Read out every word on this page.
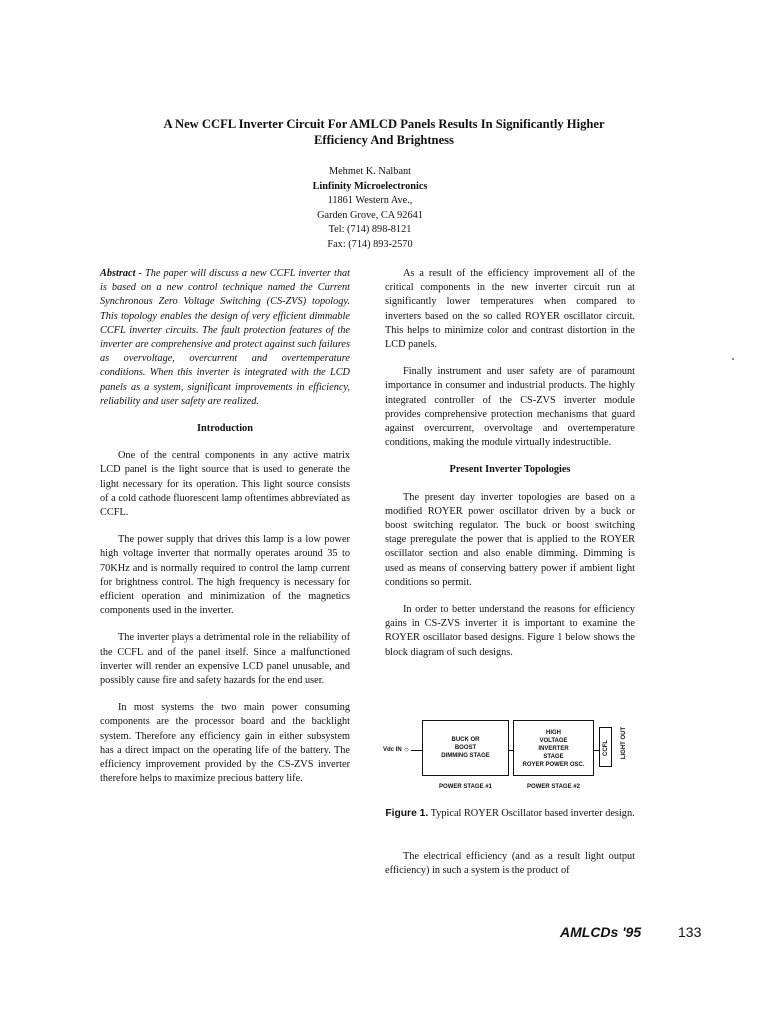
A New CCFL Inverter Circuit For AMLCD Panels Results In Significantly Higher
Efficiency And Brightness
Mehmet K. Nalbant
Linfinity Microelectronics
11861 Western Ave.,
Garden Grove, CA 92641
Tel: (714) 898-8121
Fax: (714) 893-2570

Abstract - The paper will discuss a new CCFL inverter that is based on a new control technique named the Current Synchronous Zero Voltage Switching (CS-ZVS) topology. This topology enables the design of very efficient dimmable CCFL inverter circuits. The fault protection features of the inverter are comprehensive and protect against such failures as overvoltage, overcurrent and overtemperature conditions. When this inverter is integrated with the LCD panels as a system, significant improvements in efficiency, reliability and user safety are realized.

Introduction

One of the central components in any active matrix LCD panel is the light source that is used to generate the light necessary for its operation. This light source consists of a cold cathode fluorescent lamp oftentimes abbreviated as CCFL.

The power supply that drives this lamp is a low power high voltage inverter that normally operates around 35 to 70KHz and is normally required to control the lamp current for brightness control. The high frequency is necessary for efficient operation and minimization of the magnetics components used in the inverter.

The inverter plays a detrimental role in the reliability of the CCFL and of the panel itself. Since a malfunctioned inverter will render an expensive LCD panel unusable, and possibly cause fire and safety hazards for the end user.

In most systems the two main power consuming components are the processor board and the backlight system. Therefore any efficiency gain in either subsystem has a direct impact on the operating life of the battery. The efficiency improvement provided by the CS-ZVS inverter therefore helps to maximize precious battery life.

As a result of the efficiency improvement all of the critical components in the new inverter circuit run at significantly lower temperatures when compared to inverters based on the so called ROYER oscillator circuit. This helps to minimize color and contrast distortion in the LCD panels.

Finally instrument and user safety are of paramount importance in consumer and industrial products. The highly integrated controller of the CS-ZVS inverter module provides comprehensive protection mechanisms that guard against overcurrent, overvoltage and overtemperature conditions, making the module virtually indestructible.

Present Inverter Topologies

The present day inverter topologies are based on a modified ROYER power oscillator driven by a buck or boost switching regulator. The buck or boost switching stage preregulate the power that is applied to the ROYER oscillator section and also enable dimming. Dimming is used as means of conserving battery power if ambient light conditions so permit.

In order to better understand the reasons for efficiency gains in CS-ZVS inverter it is important to examine the ROYER oscillator based designs. Figure 1 below shows the block diagram of such designs.

Vdc IN ○
BUCK OR
BOOST
DIMMING STAGE
HIGH
VOLTAGE
INVERTER
STAGE
ROYER POWER OSC.
CCFL LIGHT OUT
POWER STAGE #1	POWER STAGE #2
Figure 1. Typical ROYER Oscillator based inverter design.

The electrical efficiency (and as a result light output efficiency) in such a system is the product of

AMLCDs '95	133
